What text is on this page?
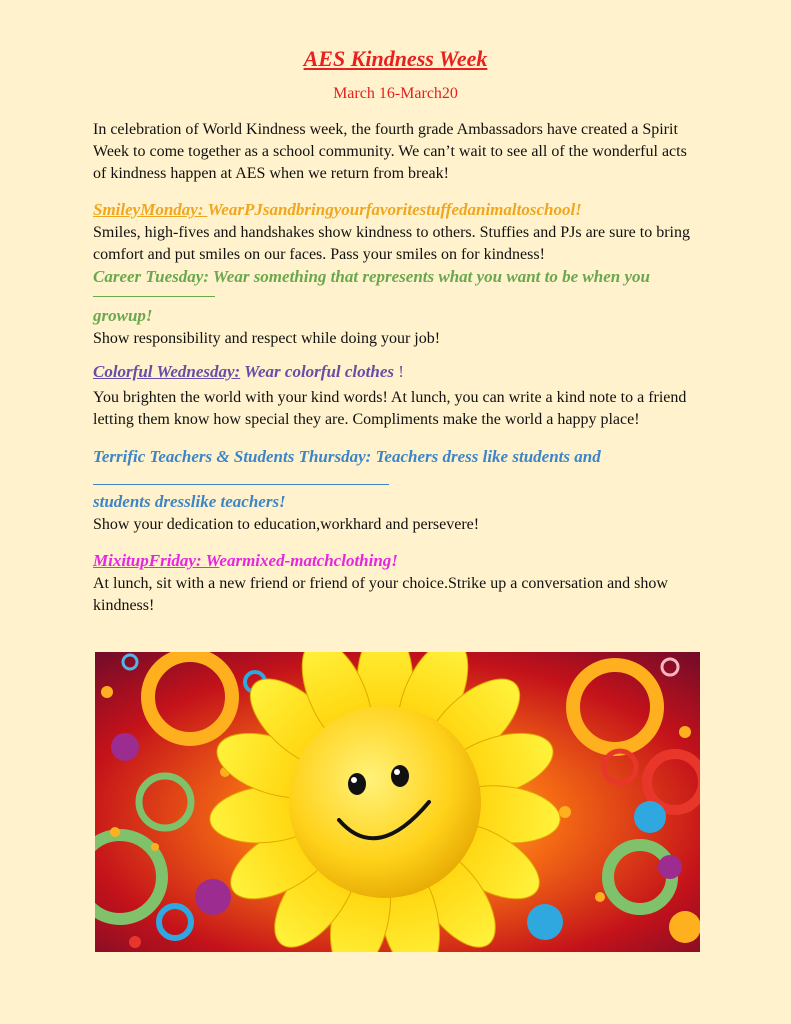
AES Kindness Week

March 16-March20

In celebration of World Kindness week, the fourth grade Ambassadors have created a Spirit Week to come together as a school community. We can’t wait to see all of the wonderful acts of kindness happen at AES when we return from break!

SmileyMonday: WearPJsandbringyourfavoritestuffedanimaltoschool!

Smiles, high-fives and handshakes show kindness to others. Stuffies and PJs are sure to bring comfort and put smiles on our faces. Pass your smiles on for kindness!

Career Tuesday: Wear something that represents what you want to be when you
growup!

Show responsibility and respect while doing your job!

Colorful Wednesday: Wear colorful clothes !

You brighten the world with your kind words! At lunch, you can write a kind note to a friend letting them know how special they are. Compliments make the world a happy place!

Terrific Teachers & Students Thursday: Teachers dress like students and
students dresslike teachers!

Show your dedication to education,workhard and persevere!

MixitupFriday: Wearmixed-matchclothing!

At lunch, sit with a new friend or friend of your choice.Strike up a conversation and show kindness!
